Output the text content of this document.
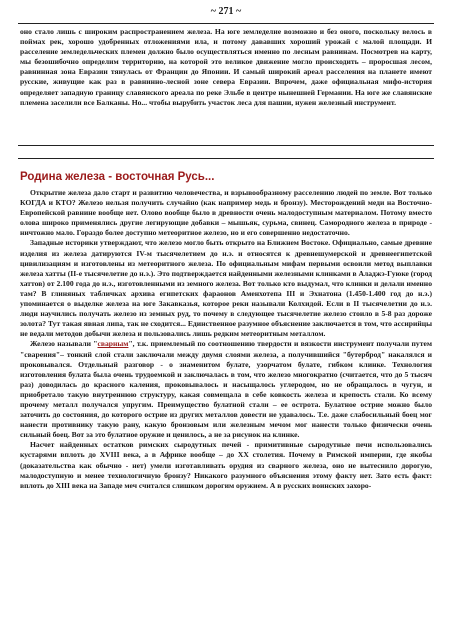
~ 271 ~

оно стало лишь с широким распространением железа. На юге земледелие возможно и без оного, поскольку велось в поймах рек, хорошо удобренных отложениями ила, и потому дававших хороший урожай с малой площади. И расселение земледельческих племен должно было осуществляться именно по лесным равнинам. Посмотрев на карту, мы безошибочно определим территорию, на которой это великое движение могло происходить – проросшая лесом, равнинная зона Евразии тянулась от Франции до Японии. И самый широкий ареал расселения на планете имеют русские, живущие как раз в равнинно-лесной зоне севера Евразии. Впрочем, даже официальная мифо-история определяет западную границу славянского ареала по реке Эльбе в центре нынешней Германии. На юге же славянские племена заселили все Балканы. Но... чтобы вырубить участок леса для пашни, нужен железный инструмент.

Родина железа - восточная Русь...

Открытие железа дало старт и развитию человечества, и взрывообразному расселению людей по земле. Вот только КОГДА и КТО? Железо нельзя получить случайно (как например медь и бронзу). Месторождений меди на Восточно-Европейской равнине вообще нет. Олово вообще было в древности очень малодоступным материалом. Потому вместо олова широко применялись другие легирующие добавки – мышьяк, сурьма, свинец. Самородного железа в природе - ничтожно мало. Гораздо более доступно метеоритное железо, но и его совершенно недостаточно.

Западные историки утверждают, что железо могло быть открыто на Ближнем Востоке. Официально, самые древние изделия из железа датируются IV-м тысячелетием до н.э. и относятся к древнешумерской и древнеегипетской цивилизациям и изготовлены из метеоритного железа. По официальным мифам первыми освоили метод выплавки железа хатты (II-е тысячелетие до н.э.). Это подтверждается найденными железными клинками в Аладжэ-Гуюке (город хаттов) от 2.100 года до н.э., изготовленными из земного железа. Вот только кто выдумал, что клинки и делали именно там? В глиняных табличках архива египетских фараонов Аменхотепа III и Эхнатона (1.450-1.400 год до н.э.) упоминается о выделке железа на юге Закавказья, которое реки называли Колхидой. Если в II тысячелетии до н.э. люди научились получать железо из земных руд, то почему в следующее тысячелетие железо стоило в 5-8 раз дороже золота? Тут такая явная липа, так не сходится... Единственное разумное объяснение заключается в том, что ассирийцы не ведали методов добычи железа и пользовались лишь редким метеоритным металлом.

Железо называли "сварным", т.к. приемлемый по соотношению твердости и вязкости инструмент получали путем "сварения"– тонкий слой стали заключали между двумя слоями железа, а получившийся "бутерброд" накалялся и проковывался. Отдельный разговор - о знаменитом булате, узорчатом булате, гибком клинке. Технология изготовления булата была очень трудоемкой и заключалась в том, что железо многократно (считается, что до 5 тысяч раз) доводилась до красного каления, проковывалось и насыщалось углеродом, но не обращалось в чугун, и приобретало такую внутреннюю структуру, какая совмещала в себе ковкость железа и крепость стали. Ко всему прочему металл получался упругим. Преимущество булатной стали – ее острота. Булатное острие можно было заточить до состояния, до которого острие из других металлов довести не удавалось. Т.е. даже слабосильный боец мог нанести противнику такую рану, какую бронзовым или железным мечом мог нанести только физически очень сильный боец. Вот за это булатное оружие и ценилось, а не за рисунок на клинке.

Насчет найденных остатков римских сыродутных печей - примитивные сыродутные печи использовались кустарями вплоть до XVIII века, а в Африке вообще – до XX столетия. Почему в Римской империи, где якобы (доказательства как обычно - нет) умели изготавливать орудия из сварного железа, оно не вытеснило дорогую, малодоступную и менее технологичную бронзу? Никакого разумного объяснения этому факту нет. Зато есть факт: вплоть до XIII века на Западе меч считался слишком дорогим оружием. А в русских воинских захоро-
